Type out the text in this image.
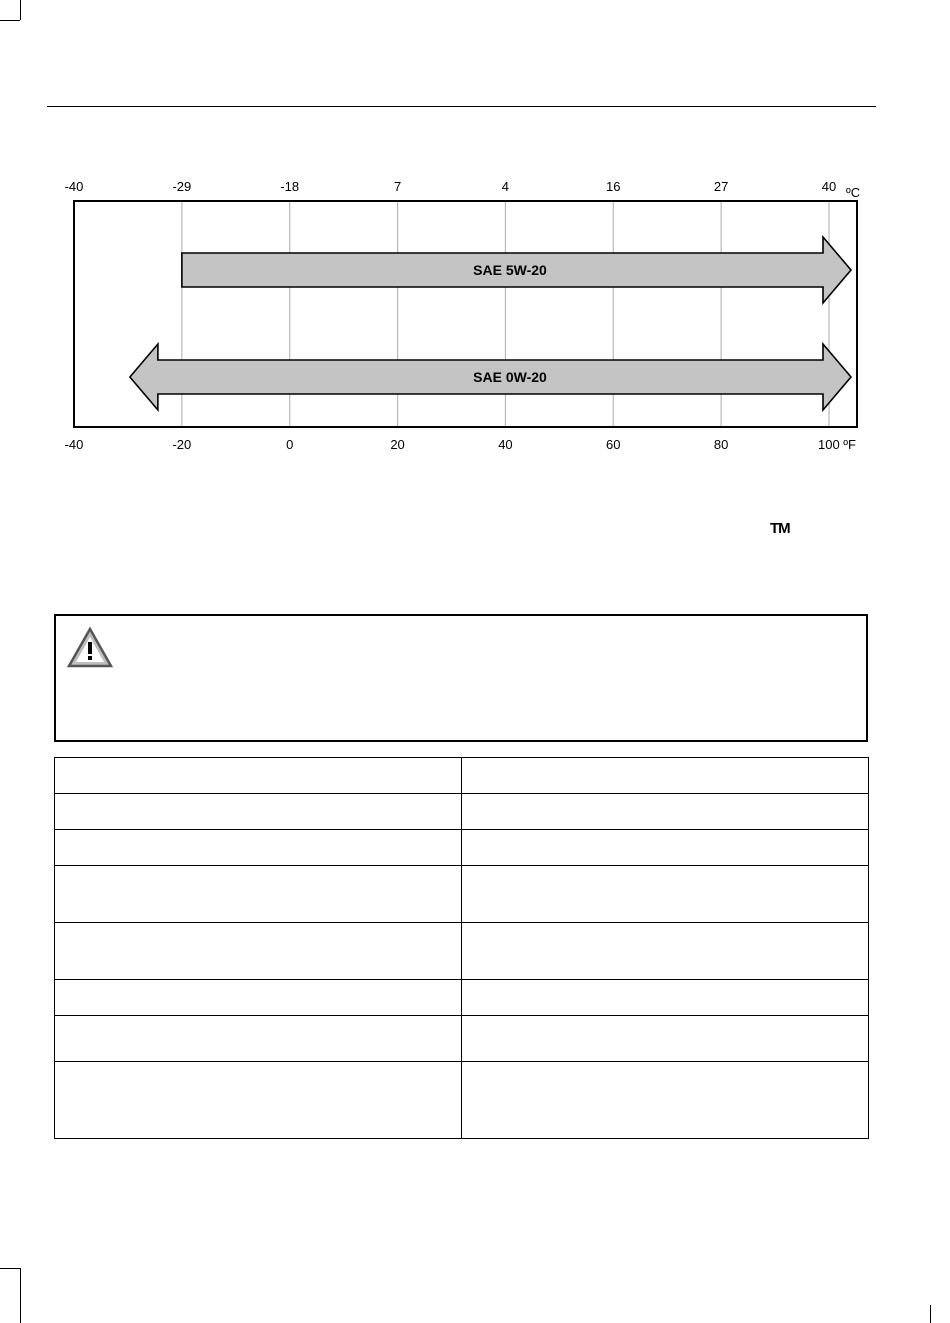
SAE 5W-20
SAE 0W-20
-40	-29	-18	7	4	16	27	40
-40	-20	0	20	40	60	80	100 ºF
ºC
TM
